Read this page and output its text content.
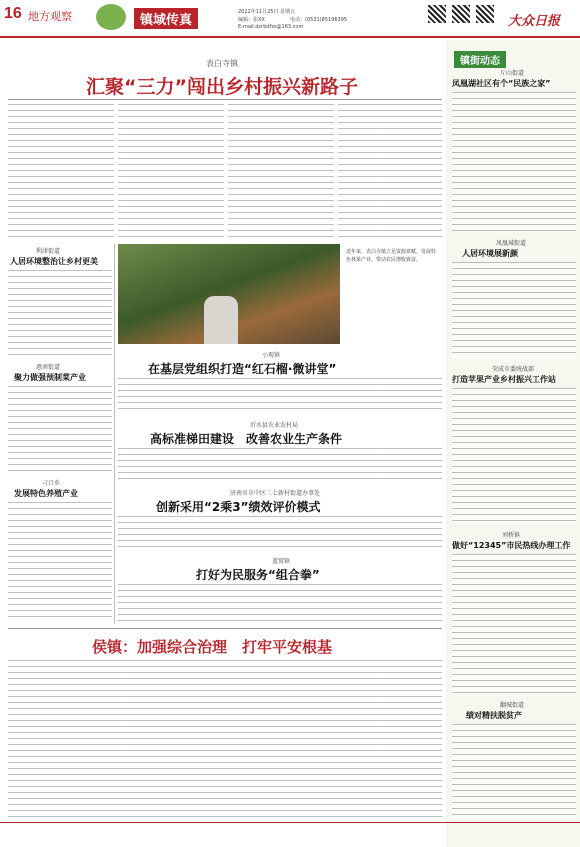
16 地方观察	镇域传真	2022年11月25日 星期五
编辑：张XX	电话：(0531)85196395
E-mail:dzrbdfzs@163.com	大众日报
表白寺镇
汇聚“三力”闯出乡村振兴新路子
近年来，表白寺镇立足资源禀赋，发展特色林果产业，带动农民增收致富。
利津街道
人居环境整治让乡村更美
惠南街道
聚力做强预制菜产业
刁口乡
发展特色养殖产业
小观镇
在基层党组织打造“红石榴·微讲堂”
沂水县农业农村局
高标准梯田建设　改善农业生产条件
济南市市中区二七新村街道办事处
创新采用“2乘3”绩效评价模式
蓝窝镇
打好为民服务“组合拳”
侯镇：加强综合治理　打牢平安根基
镇街动态
斤山街道
凤凰湖社区有个“民族之家”
凤凰城街道
人居环境展新颜
荣成市委统战部
打造苹果产业乡村振兴工作站
刘桥镇
做好“12345”市民热线办理工作
翻城街道
绩对精扶脱贫产
